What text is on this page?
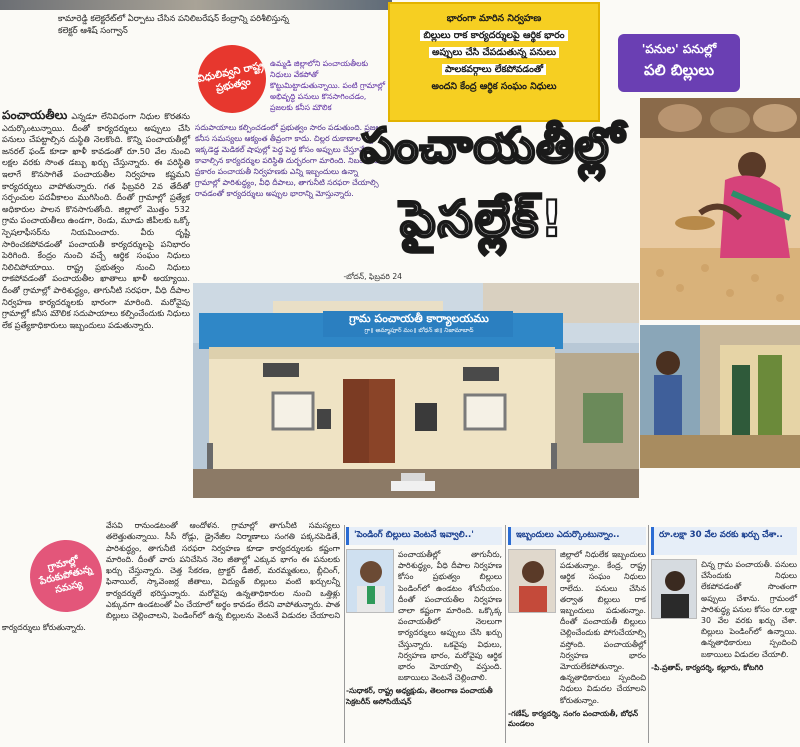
కామారెడ్డి కలెక్టరేట్‌లో ఏర్పాటు చేసిన పనిలిబరేషన్ కేంద్రాన్ని పరిశీలిస్తున్న కలెక్టర్ ఆశిష్ సంగ్వాన్
భారంగా మారిన నిర్వహణ
బిల్లులు రాక కార్యదర్శులపై ఆర్థిక భారం
అప్పులు చేసి చేపడుతున్న పనులు
పాలకవర్గాలు లేకపోవడంతో
అందని కేంద్ర ఆర్థిక సంఘం నిధులు
'పనుల' పనుల్లో
పలి బిల్లులు
విధులివ్వని రాష్ట్ర ప్రభుత్వం
ఉమ్మడి జిల్లాలోని పంచాయతీలకు నిధులు వేకపోతో కొట్టుమిట్టాడుతున్నాయి. పంటి గ్రామాల్లో అభివృద్ధి పనులు కొనసాగించడం, ప్రజలకు కనీస మౌలిక
సదుపాయాలు కల్పించడంలో ప్రభుత్వం సారం పడుతుంది. ప్రజల కనీస సమస్యలు ఆక్యంత తీవ్రంగా కాదు. చిల్లర దుకాణాల ఇష్ట ఇక్కడెడ్డ మెడికల్ షాపుల్లో పెద్ద పెద్ద కోసం అప్పులు చేస్తూనే కావాల్సిన కార్యదర్శుల పరిస్థితి దుర్భరంగా మారింది. నిబంధనల ప్రకారం పంచాయతీ నిర్వహణకు ఎన్ని ఇబ్బందులు ఉన్నా గ్రామాల్లో పారిశుద్ధ్యం, వీధి దీపాలు, తాగునీటి సరఫరా చేయాల్సి రావడంతో కార్యదర్శులు అప్పుల భారాన్ని మోస్తున్నారు.
-బోదన్, ఫిబ్రవరి 24
పంచాయతీల్లో
పైసల్లేక్!

పంచాయతీలు ఎన్నడూ లేనివిధంగా నిధుల కొరతను ఎదుర్కొంటున్నాయి. దీంతో కార్యదర్శులు అప్పులు చేసి పనులు చేపట్టాల్సిన దుస్థితి నెలకొంది. కొన్ని పంచాయతీల్లో జనరల్ ఫండ్ కూడా ఖాళీ కావడంతో రూ.50 వేల నుంచి లక్షల వరకు సొంత డబ్బు ఖర్చు చేస్తున్నారు. ఈ పరిస్థితి ఇలాగే కొనసాగితే పంచాయతీల నిర్వహణ కష్టమని కార్యదర్శులు వాపోతున్నారు. గత ఫిబ్రవరి 2వ తేదీతో సర్పంచుల పదవీకాలం ముగిసింది. దీంతో గ్రామాల్లో ప్రత్యేక అధికారుల పాలన కొనసాగుతోంది. జిల్లాలో మొత్తం 532 గ్రామ పంచాయతీలు ఉండగా, రెండు, మూడు జీపీలకు ఒక్కో స్పెషలాఫీసర్‌ను నియమించారు. వీరు దృష్టి సారించకపోవడంతో పంచాయతీ కార్యదర్శులపై పనిభారం పెరిగింది. కేంద్రం నుంచి వచ్చే ఆర్థిక సంఘం నిధులు నిలిచిపోయాయి. రాష్ట్ర ప్రభుత్వం నుంచి నిధులు రాకపోవడంతో పంచాయతీల ఖాతాలు ఖాళీ అయ్యాయి. దీంతో గ్రామాల్లో పారిశుద్ధ్యం, తాగునీటి సరఫరా, వీధి దీపాల నిర్వహణ కార్యదర్శులకు భారంగా మారింది. మరోవైపు గ్రామాల్లో కనీస మౌలిక సదుపాయాలు కల్పించేందుకు నిధులు లేక ప్రత్యేకాధికారులు ఇబ్బందులు పడుతున్నారు.	గ్రామ పంచాయతీ కార్యాలయము
గ్రా॥ అమ్మాపూర్ మం॥ బోధన్ జి॥ నిజామాబాద్

వేసవి రానుండటంతో ఆందోళన. గ్రామాల్లో తాగునీటి సమస్యలు తలెత్తుతున్నాయి. సీసీ రోడ్లు, డ్రైనేజీల నిర్మాణాలు సంగతి పక్కనపెడితే, పారిశుద్ధ్యం, తాగునీటి సరఫరా నిర్వహణ కూడా కార్యదర్శులకు కష్టంగా మారింది. దీంతో వారు పనిచేసిన నెల జీతాల్లో ఎక్కువ భాగం ఈ పనులకు ఖర్చు చేస్తున్నారు. చెత్త సేకరణ, ట్రాక్టర్ డీజిల్, మరమ్మతులు, బ్లీచింగ్, ఫినాయిల్, స్కావెంజర్ల జీతాలు, విద్యుత్ బిల్లులు వంటి ఖర్చులన్నీ కార్యదర్శులే భరిస్తున్నారు. మరోవైపు ఉన్నతాధికారుల నుంచి ఒత్తిళ్లు ఎక్కువగా ఉండటంతో ఏం చేయాలో అర్థం కావడం లేదని వాపోతున్నారు. పాత బిల్లులు చెల్లించాలని, పెండింగ్‌లో ఉన్న బిల్లులను వెంటనే విడుదల చేయాలని కార్యదర్శులు కోరుతున్నారు.

గ్రామాల్లో పేరుకుపోతున్న సమస్య
'పెండింగ్ బిల్లులు వెంటనే ఇవ్వాలి..'
పంచాయతీల్లో తాగునీరు, పారిశుద్ధ్యం, వీధి దీపాల నిర్వహణ కోసం ప్రభుత్వం బిల్లులు పెండింగ్‌లో ఉండటం శోచనీయం. దీంతో పంచాయతీల నిర్వహణ చాలా కష్టంగా మారింది. ఒక్కొక్క పంచాయతీలో నెలలుగా కార్యదర్శులు అప్పులు చేసి ఖర్చు చేస్తున్నారు. ఒకవైపు విధులు, నిర్వహణ భారం, మరోవైపు ఆర్థిక భారం మోయాల్సి వస్తుంది. బకాయిలు వెంటనే చెల్లించాలి.
-సుధాకర్, రాష్ట్ర అధ్యక్షుడు, తెలంగాణ పంచాయతీ సెక్రటరీస్ అసోసియేషన్
ఇబ్బందులు ఎదుర్కొంటున్నాం..
జిల్లాలో నిధులేక ఇబ్బందులు పడుతున్నాం. కేంద్ర, రాష్ట్ర ఆర్థిక సంఘం నిధులు రాలేదు. పనులు చేసిన తర్వాత బిల్లులు రాక ఇబ్బందులు పడుతున్నాం. దీంతో పంచాయతీ బిల్లులు చెల్లించేందుకు పోగుచేయాల్సి వస్తోంది. పంచాయతీల్లో నిర్వహణ భారం మోయలేకపోతున్నాం. ఉన్నతాధికారులు స్పందించి నిధులు విడుదల చేయాలని కోరుతున్నాం.
-గణేష్, కార్యదర్శి, సంగం పంచాయతీ, బోధన్ మండలం
రూ.లక్షా 30 వేల వరకు ఖర్చు చేశా..
చిన్న గ్రామ పంచాయతీ. పనులు చేసేందుకు నిధులు లేకపోవడంతో సొంతంగా అప్పులు చేశాను. గ్రామంలో పారిశుద్ధ్య పనుల కోసం రూ.లక్షా 30 వేల వరకు ఖర్చు చేశా. బిల్లులు పెండింగ్‌లో ఉన్నాయి. ఉన్నతాధికారులు స్పందించి బకాయిలు విడుదల చేయాలి.
-పి.ప్రతాప్, కార్యదర్శి, కల్లూరు, కోటగిరి
